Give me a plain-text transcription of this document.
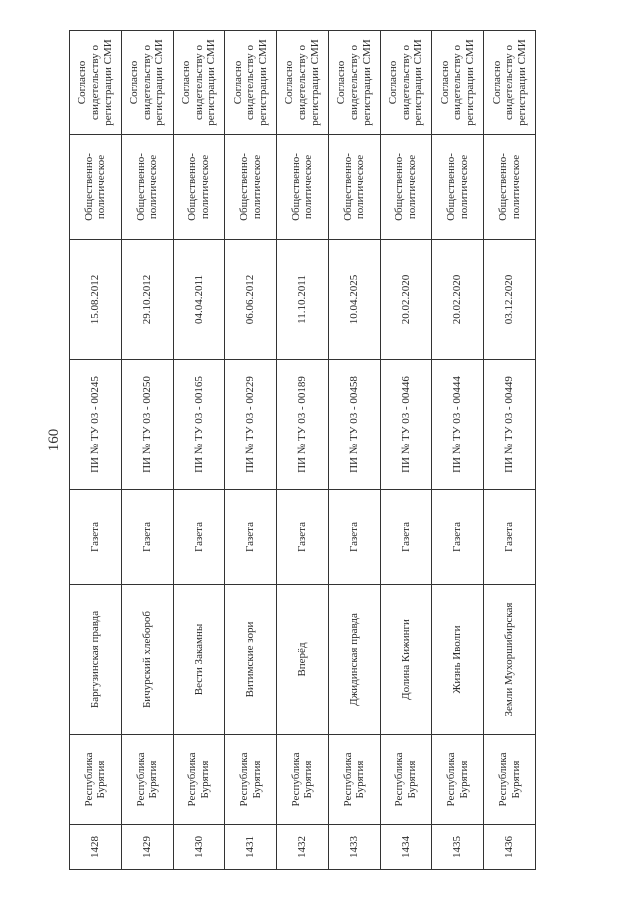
160
1428	Республика Бурятия	Баргузинская правда	Газета	ПИ № ТУ 03 - 00245	15.08.2012	Общественно-политическое	Согласно свидетельству о регистрации СМИ
1429	Республика Бурятия	Бичурский хлебороб	Газета	ПИ № ТУ 03 - 00250	29.10.2012	Общественно-политическое	Согласно свидетельству о регистрации СМИ
1430	Республика Бурятия	Вести Закамны	Газета	ПИ № ТУ 03 - 00165	04.04.2011	Общественно-политическое	Согласно свидетельству о регистрации СМИ
1431	Республика Бурятия	Витимские зори	Газета	ПИ № ТУ 03 - 00229	06.06.2012	Общественно-политическое	Согласно свидетельству о регистрации СМИ
1432	Республика Бурятия	Вперёд	Газета	ПИ № ТУ 03 - 00189	11.10.2011	Общественно-политическое	Согласно свидетельству о регистрации СМИ
1433	Республика Бурятия	Джидинская правда	Газета	ПИ № ТУ 03 - 00458	10.04.2025	Общественно-политическое	Согласно свидетельству о регистрации СМИ
1434	Республика Бурятия	Долина Кижинги	Газета	ПИ № ТУ 03 - 00446	20.02.2020	Общественно-политическое	Согласно свидетельству о регистрации СМИ
1435	Республика Бурятия	Жизнь Иволги	Газета	ПИ № ТУ 03 - 00444	20.02.2020	Общественно-политическое	Согласно свидетельству о регистрации СМИ
1436	Республика Бурятия	Земли Мухоршибирская	Газета	ПИ № ТУ 03 - 00449	03.12.2020	Общественно-политическое	Согласно свидетельству о регистрации СМИ
